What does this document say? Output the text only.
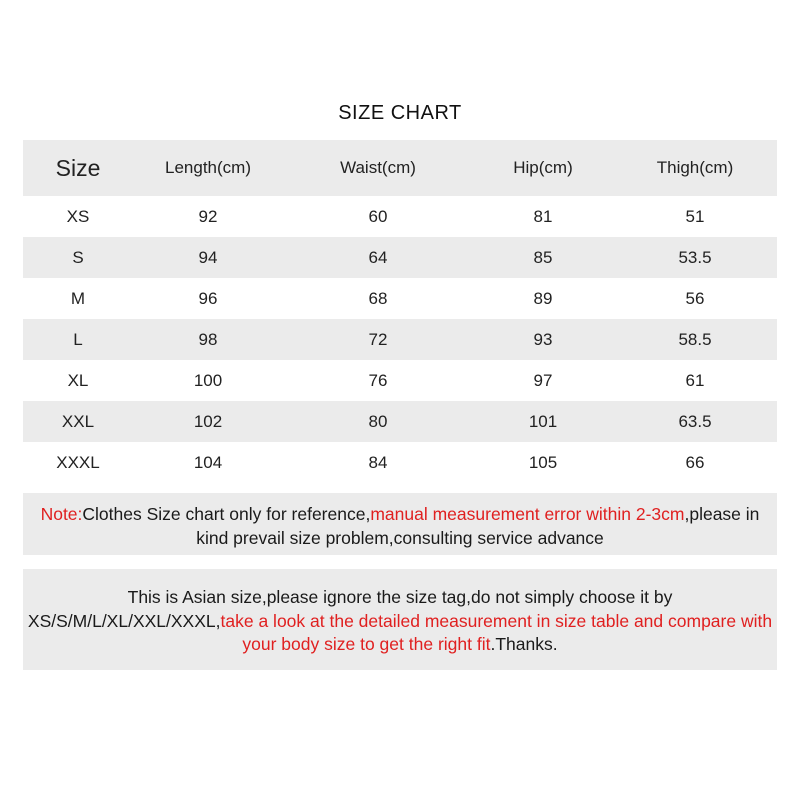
SIZE CHART
Size	Length(cm)	Waist(cm)	Hip(cm)	Thigh(cm)
XS	92	60	81	51
S	94	64	85	53.5
M	96	68	89	56
L	98	72	93	58.5
XL	100	76	97	61
XXL	102	80	101	63.5
XXXL	104	84	105	66
Note:Clothes Size chart only for reference,manual measurement error within 2-3cm,please in kind prevail size problem,consulting service advance
This is Asian size,please ignore the size tag,do not simply choose it by XS/S/M/L/XL/XXL/XXXL,take a look at the detailed measurement in size table and compare with your body size to get the right fit.Thanks.
